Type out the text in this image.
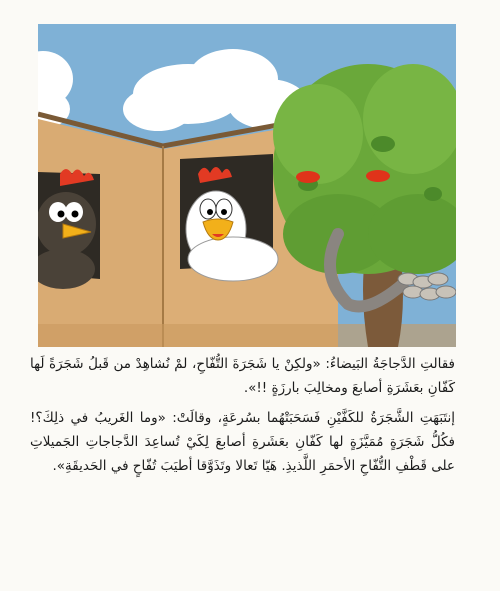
فقالتِ الدَّجاجَةُ البَيضاءُ: «ولكِنْ يا شَجَرَةَ التُّفّاحِ، لمْ نُشاهِدْ من قَبلُ شَجَرَةً لَها كَفّانِ بعَشَرَةِ أصابعَ ومخالِبَ بارزَةٍ !!».

إنتَبَهَتِ الشَّجَرَةُ للكَفَّيْنِ فَسَحَبَتْهُما بسُرعَةٍ، وقالَتْ: «وما الغَريبُ في ذلِكَ؟! فكُلُّ شَجَرَةٍ مُمَيَّزَةٍ لها كَفّانِ بعَشَرةِ أصابعَ لِكَيْ تُساعِدَ الدَّجاجاتِ الجَميلاتِ على قَطْفِ التُّفّاحِ الأحمَرِ اللَّذيذِ. هَيّا تَعالا وتَذَوَّقا أطيَبَ تُفّاحٍ في الحَديقَةِ».
